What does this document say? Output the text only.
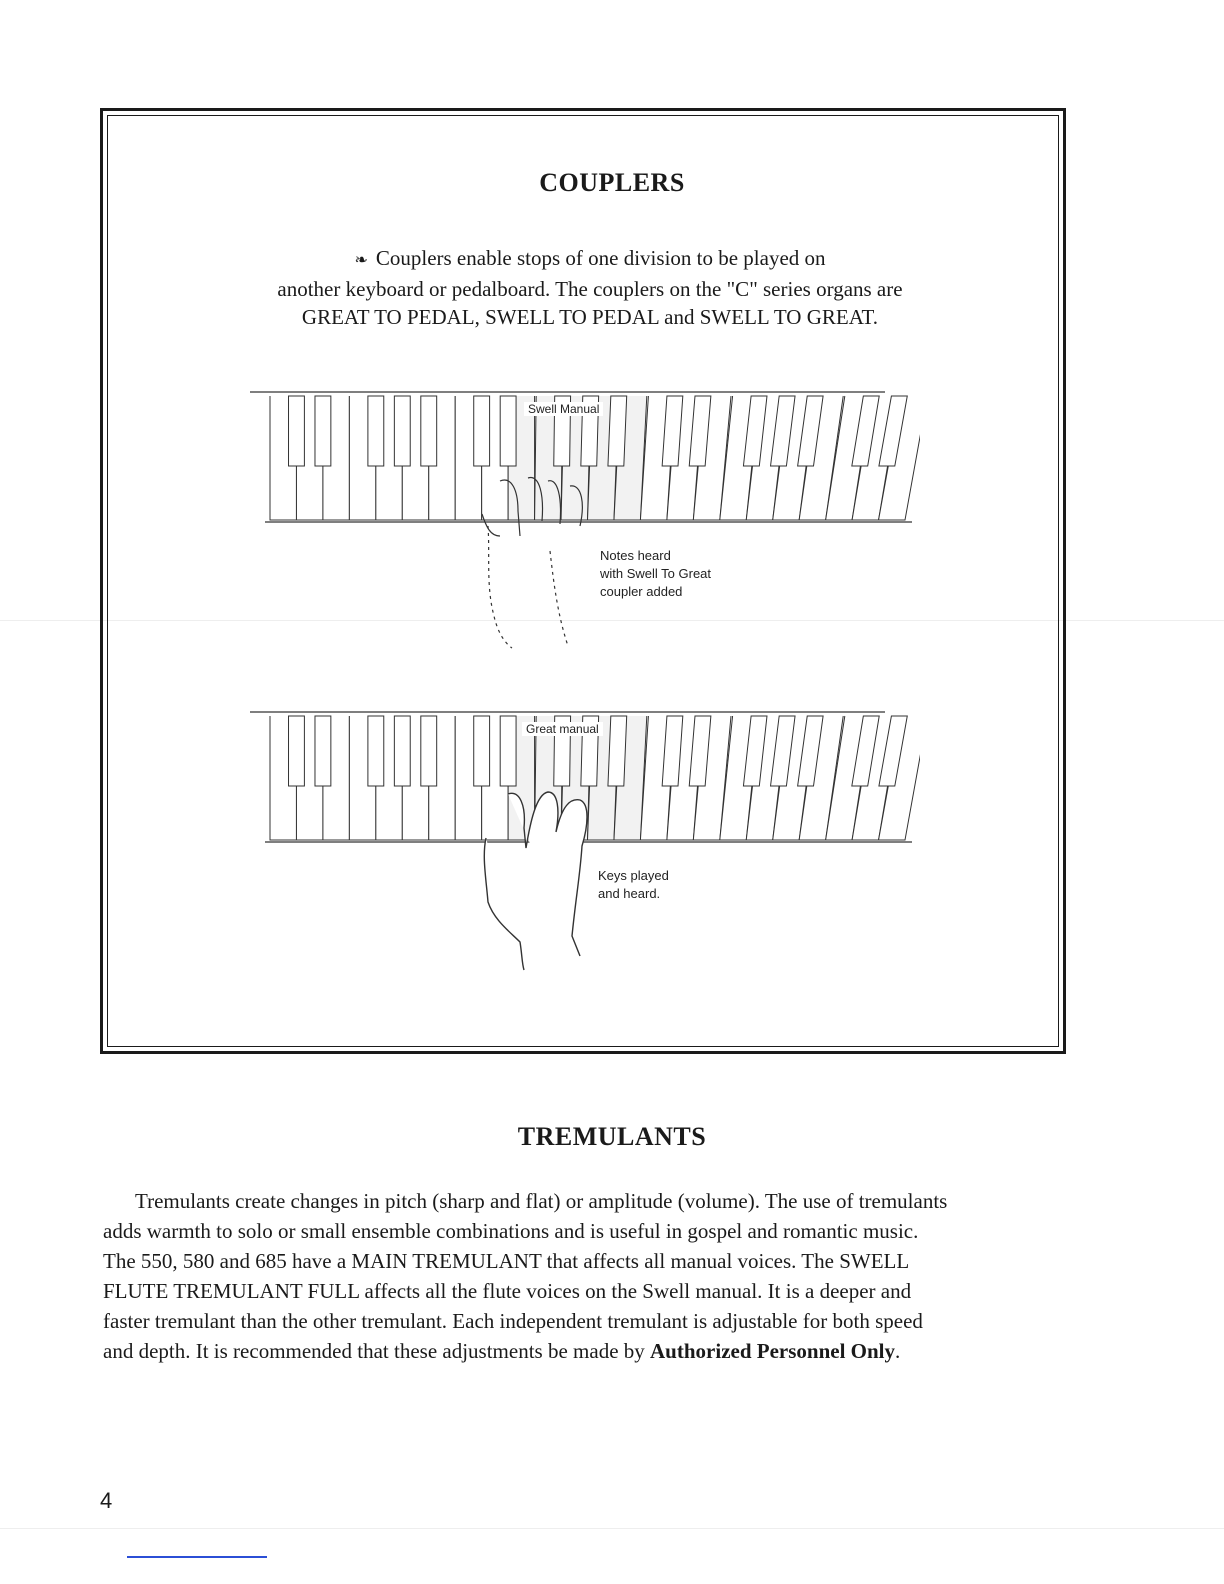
COUPLERS
❧ Couplers enable stops of one division to be played on
another keyboard or pedalboard. The couplers on the "C" series organs are
GREAT TO PEDAL, SWELL TO PEDAL and SWELL TO GREAT.
Swell Manual
Notes heard
with Swell To Great
coupler added
Great manual
Keys played
and heard.
TREMULANTS
Tremulants create changes in pitch (sharp and flat) or amplitude (volume). The use of tremulants
adds warmth to solo or small ensemble combinations and is useful in gospel and romantic music.
The 550, 580 and 685 have a MAIN TREMULANT that affects all manual voices. The SWELL
FLUTE TREMULANT FULL affects all the flute voices on the Swell manual. It is a deeper and
faster tremulant than the other tremulant. Each independent tremulant is adjustable for both speed
and depth. It is recommended that these adjustments be made by Authorized Personnel Only.
4
